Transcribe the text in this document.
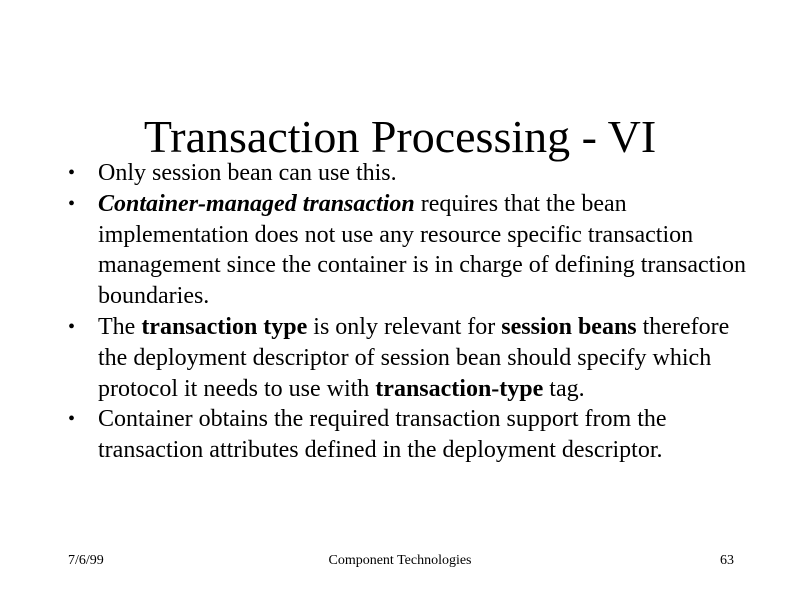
Transaction Processing - VI
• Only session bean can use this.
• Container-managed transaction requires that the bean implementation does not use any resource specific transaction management since the container is in charge of defining transaction boundaries.
• The transaction type is only relevant for session beans therefore the deployment descriptor of session bean should specify which protocol it needs to use with transaction-type tag.
• Container obtains the required transaction support from the transaction attributes defined in the deployment descriptor.
7/6/99	Component Technologies	63
